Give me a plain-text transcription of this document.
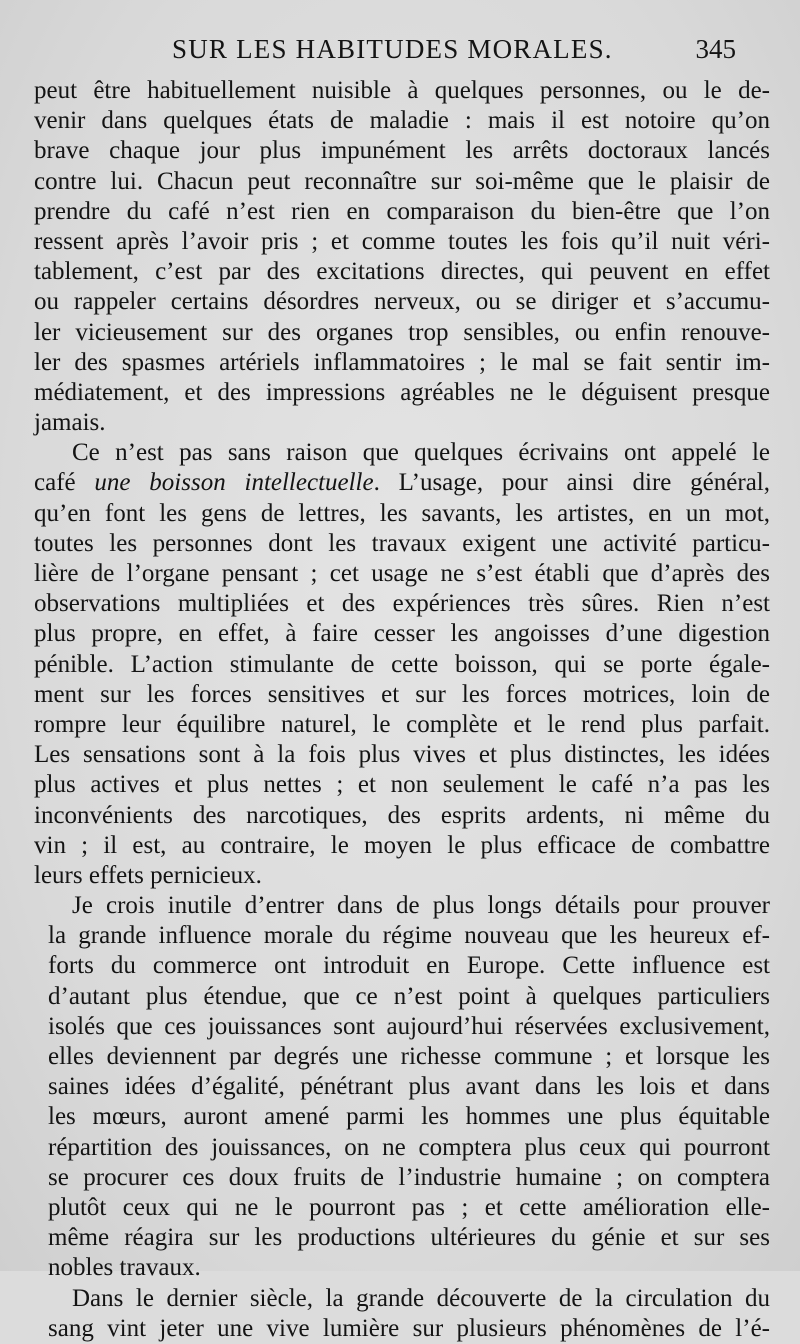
SUR LES HABITUDES MORALES.	345
peut être habituellement nuisible à quelques personnes, ou le de-
venir dans quelques états de maladie : mais il est notoire qu’on
brave chaque jour plus impunément les arrêts doctoraux lancés
contre lui. Chacun peut reconnaître sur soi-même que le plaisir de
prendre du café n’est rien en comparaison du bien-être que l’on
ressent après l’avoir pris ; et comme toutes les fois qu’il nuit véri-
tablement, c’est par des excitations directes, qui peuvent en effet
ou rappeler certains désordres nerveux, ou se diriger et s’accumu-
ler vicieusement sur des organes trop sensibles, ou enfin renouve-
ler des spasmes artériels inflammatoires ; le mal se fait sentir im-
médiatement, et des impressions agréables ne le déguisent presque
jamais.
Ce n’est pas sans raison que quelques écrivains ont appelé le
café une boisson intellectuelle. L’usage, pour ainsi dire général,
qu’en font les gens de lettres, les savants, les artistes, en un mot,
toutes les personnes dont les travaux exigent une activité particu-
lière de l’organe pensant ; cet usage ne s’est établi que d’après des
observations multipliées et des expériences très sûres. Rien n’est
plus propre, en effet, à faire cesser les angoisses d’une digestion
pénible. L’action stimulante de cette boisson, qui se porte égale-
ment sur les forces sensitives et sur les forces motrices, loin de
rompre leur équilibre naturel, le complète et le rend plus parfait.
Les sensations sont à la fois plus vives et plus distinctes, les idées
plus actives et plus nettes ; et non seulement le café n’a pas les
inconvénients des narcotiques, des esprits ardents, ni même du
vin ; il est, au contraire, le moyen le plus efficace de combattre
leurs effets pernicieux.
Je crois inutile d’entrer dans de plus longs détails pour prouver
la grande influence morale du régime nouveau que les heureux ef-
forts du commerce ont introduit en Europe. Cette influence est
d’autant plus étendue, que ce n’est point à quelques particuliers
isolés que ces jouissances sont aujourd’hui réservées exclusivement,
elles deviennent par degrés une richesse commune ; et lorsque les
saines idées d’égalité, pénétrant plus avant dans les lois et dans
les mœurs, auront amené parmi les hommes une plus équitable
répartition des jouissances, on ne comptera plus ceux qui pourront
se procurer ces doux fruits de l’industrie humaine ; on comptera
plutôt ceux qui ne le pourront pas ; et cette amélioration elle-
même réagira sur les productions ultérieures du génie et sur ses
nobles travaux.
Dans le dernier siècle, la grande découverte de la circulation du
sang vint jeter une vive lumière sur plusieurs phénomènes de l’é-
